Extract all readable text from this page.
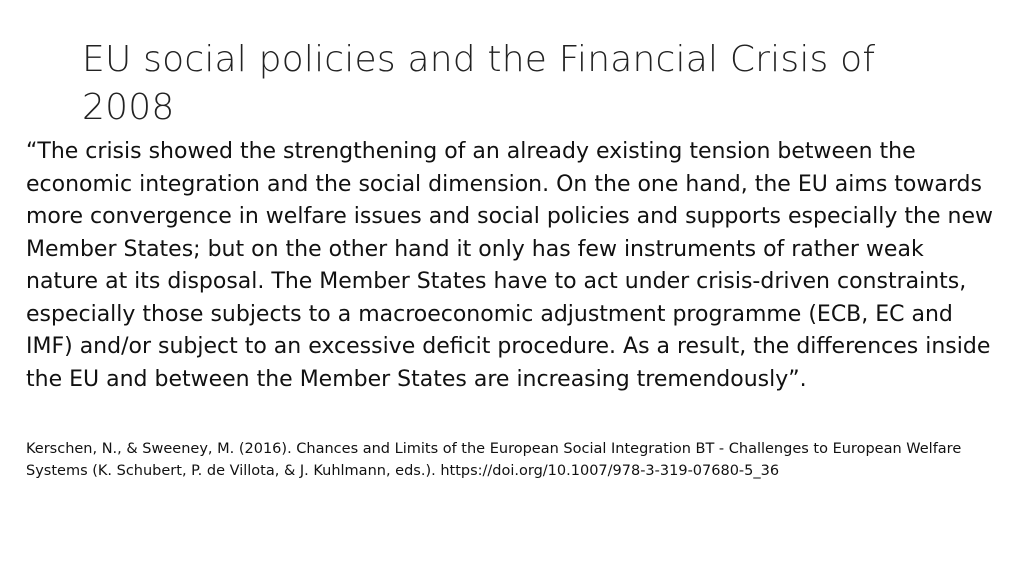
EU social policies and the Financial Crisis of 2008

“The crisis showed the strengthening of an already existing tension between the economic integration and the social dimension. On the one hand, the EU aims towards more convergence in welfare issues and social policies and supports especially the new Member States; but on the other hand it only has few instruments of rather weak nature at its disposal. The Member States have to act under crisis-driven constraints, especially those subjects to a macroeconomic adjustment programme (ECB, EC and IMF) and/or subject to an excessive deficit procedure. As a result, the differences inside the EU and between the Member States are increasing tremendously”.

Kerschen, N., & Sweeney, M. (2016). Chances and Limits of the European Social Integration BT - Challenges to European Welfare Systems (K. Schubert, P. de Villota, & J. Kuhlmann, eds.). https://doi.org/10.1007/978-3-319-07680-5_36
